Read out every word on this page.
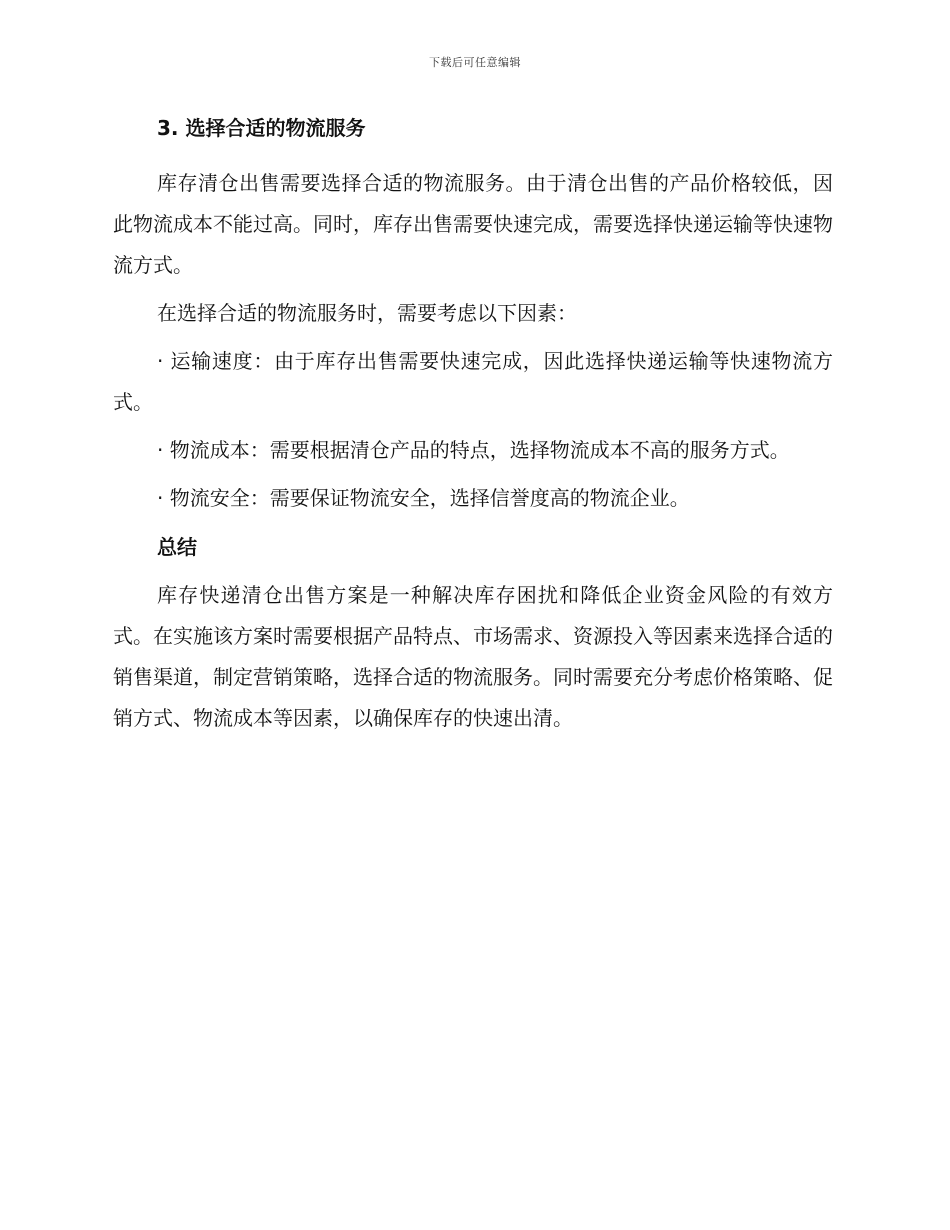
下载后可任意编辑
3. 选择合适的物流服务

库存清仓出售需要选择合适的物流服务。由于清仓出售的产品价格较低，因此物流成本不能过高。同时，库存出售需要快速完成，需要选择快递运输等快速物流方式。

在选择合适的物流服务时，需要考虑以下因素：

· 运输速度：由于库存出售需要快速完成，因此选择快递运输等快速物流方式。

· 物流成本：需要根据清仓产品的特点，选择物流成本不高的服务方式。

· 物流安全：需要保证物流安全，选择信誉度高的物流企业。

总结

库存快递清仓出售方案是一种解决库存困扰和降低企业资金风险的有效方式。在实施该方案时需要根据产品特点、市场需求、资源投入等因素来选择合适的销售渠道，制定营销策略，选择合适的物流服务。同时需要充分考虑价格策略、促销方式、物流成本等因素，以确保库存的快速出清。
